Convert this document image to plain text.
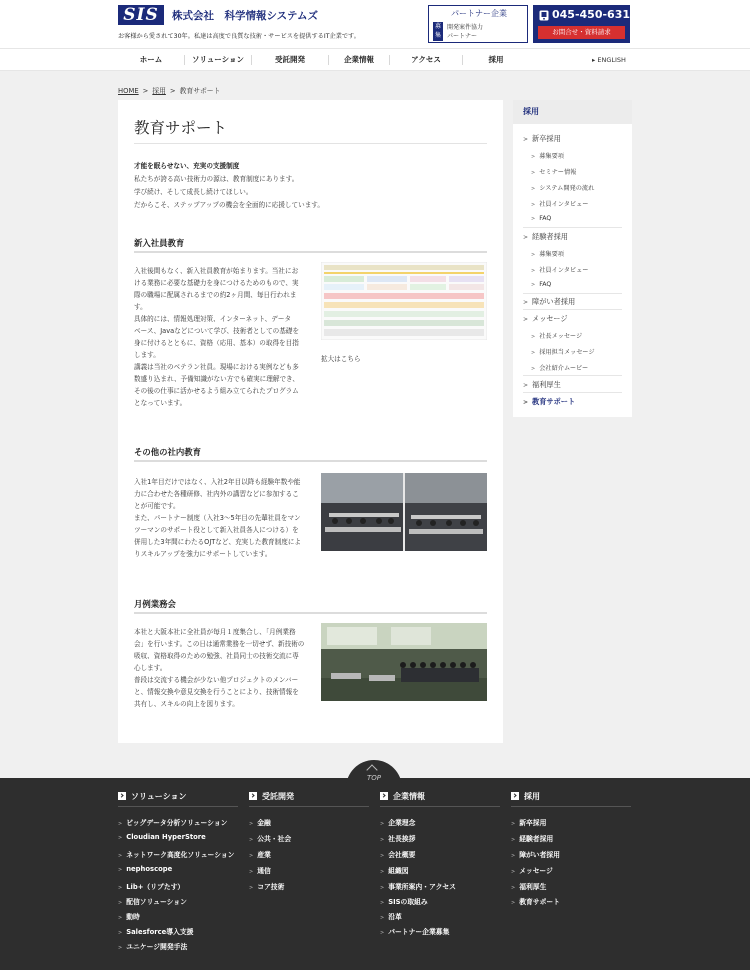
SIS	株式会社　科学情報システムズ
お客様から愛されて30年。私達は高度で良質な技術・サービスを提供するIT企業です。
パートナー企業
募集
開発案件協力
パートナー
045-450-6311
お問合せ・資料請求
ホーム	ソリューション	受託開発	企業情報	アクセス	採用	▸ ENGLISH
HOME > 採用 > 教育サポート
教育サポート
才能を眠らせない、充実の支援制度
私たちが誇る高い技術力の源は、教育制度にあります。
学び続け、そして成長し続けてほしい。
だからこそ、ステップアップの機会を全面的に応援しています。
新入社員教育
入社後間もなく、新入社員教育が始まります。当社にお
ける業務に必要な基礎力を身につけるためのもので、実
際の職場に配属されるまでの約2ヶ月間、毎日行われま
す。
具体的には、情報処理対策、インターネット、データ
ベース、Javaなどについて学び、技術者としての基礎を
身に付けるとともに、資格（応用、基本）の取得を目指
します。
講義は当社のベテラン社員。現場における実例なども多
数盛り込まれ、予備知識がない方でも確実に理解でき、
その後の仕事に活かせるよう組み立てられたプログラム
となっています。
拡大はこちら
その他の社内教育
入社1年目だけではなく、入社2年目以降も経験年数や能
力に合わせた各種研修、社内外の講習などに参加するこ
とが可能です。
また、パートナー制度（入社3〜5年目の先輩社員をマン
ツーマンのサポート役として新入社員各人につける）を
併用した3年間にわたるOJTなど、充実した教育制度によ
りスキルアップを強力にサポートしています。
月例業務会
本社と大阪本社に全社員が毎月１度集合し、「月例業務
会」を行います。この日は通常業務を一切せず、新技術の
吸収、資格取得のための勉強、社員同士の技術交流に専
心します。
普段は交流する機会が少ない他プロジェクトのメンバー
と、情報交換や意見交換を行うことにより、技術情報を
共有し、スキルの向上を図ります。
採用
> 新卒採用
> 募集要項
> セミナー情報
> システム開発の流れ
> 社員インタビュー
> FAQ
> 経験者採用
> 募集要項
> 社員インタビュー
> FAQ
> 障がい者採用
> メッセージ
> 社長メッセージ
> 採用担当メッセージ
> 会社紹介ムービー
> 福利厚生
> 教育サポート
TOP
ソリューション
> ビッグデータ分析ソリューション
> Cloudian HyperStore
> ネットワーク高度化ソリューション
> nephoscope
> Lib+（リブたす）
> 配信ソリューション
> 動時
> Salesforce導入支援
> ユニケージ開発手法
受託開発
> 金融
> 公共・社会
> 産業
> 通信
> コア技術
企業情報
> 企業理念
> 社長挨拶
> 会社概要
> 組織図
> 事業所案内・アクセス
> SISの取組み
> 沿革
> パートナー企業募集
採用
> 新卒採用
> 経験者採用
> 障がい者採用
> メッセージ
> 福利厚生
> 教育サポート
